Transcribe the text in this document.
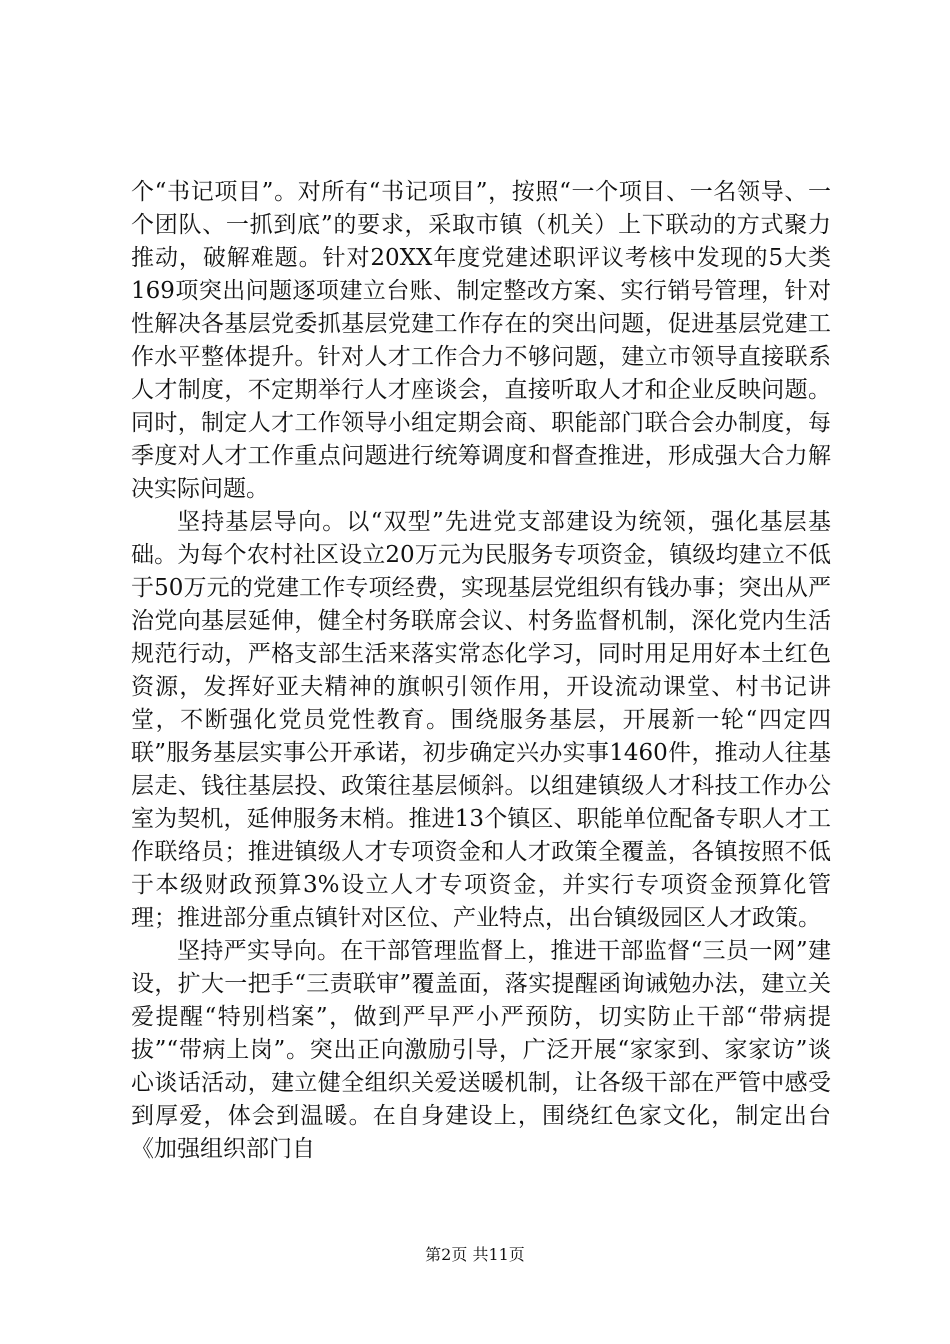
个“书记项目”。对所有“书记项目”，按照“一个项目、一名领导、一个团队、一抓到底”的要求，采取市镇（机关）上下联动的方式聚力推动，破解难题。针对20XX年度党建述职评议考核中发现的5大类169项突出问题逐项建立台账、制定整改方案、实行销号管理，针对性解决各基层党委抓基层党建工作存在的突出问题，促进基层党建工作水平整体提升。针对人才工作合力不够问题，建立市领导直接联系人才制度，不定期举行人才座谈会，直接听取人才和企业反映问题。同时，制定人才工作领导小组定期会商、职能部门联合会办制度，每季度对人才工作重点问题进行统筹调度和督查推进，形成强大合力解决实际问题。

坚持基层导向。以“双型”先进党支部建设为统领，强化基层基础。为每个农村社区设立20万元为民服务专项资金，镇级均建立不低于50万元的党建工作专项经费，实现基层党组织有钱办事；突出从严治党向基层延伸，健全村务联席会议、村务监督机制，深化党内生活规范行动，严格支部生活来落实常态化学习，同时用足用好本土红色资源，发挥好亚夫精神的旗帜引领作用，开设流动课堂、村书记讲堂，不断强化党员党性教育。围绕服务基层，开展新一轮“四定四联”服务基层实事公开承诺，初步确定兴办实事1460件，推动人往基层走、钱往基层投、政策往基层倾斜。以组建镇级人才科技工作办公室为契机，延伸服务末梢。推进13个镇区、职能单位配备专职人才工作联络员；推进镇级人才专项资金和人才政策全覆盖，各镇按照不低于本级财政预算3%设立人才专项资金，并实行专项资金预算化管理；推进部分重点镇针对区位、产业特点，出台镇级园区人才政策。

坚持严实导向。在干部管理监督上，推进干部监督“三员一网”建设，扩大一把手“三责联审”覆盖面，落实提醒函询诫勉办法，建立关爱提醒“特别档案”，做到严早严小严预防，切实防止干部“带病提拔”“带病上岗”。突出正向激励引导，广泛开展“家家到、家家访”谈心谈话活动，建立健全组织关爱送暖机制，让各级干部在严管中感受到厚爱，体会到温暖。在自身建设上，围绕红色家文化，制定出台《加强组织部门自

第2页 共11页
